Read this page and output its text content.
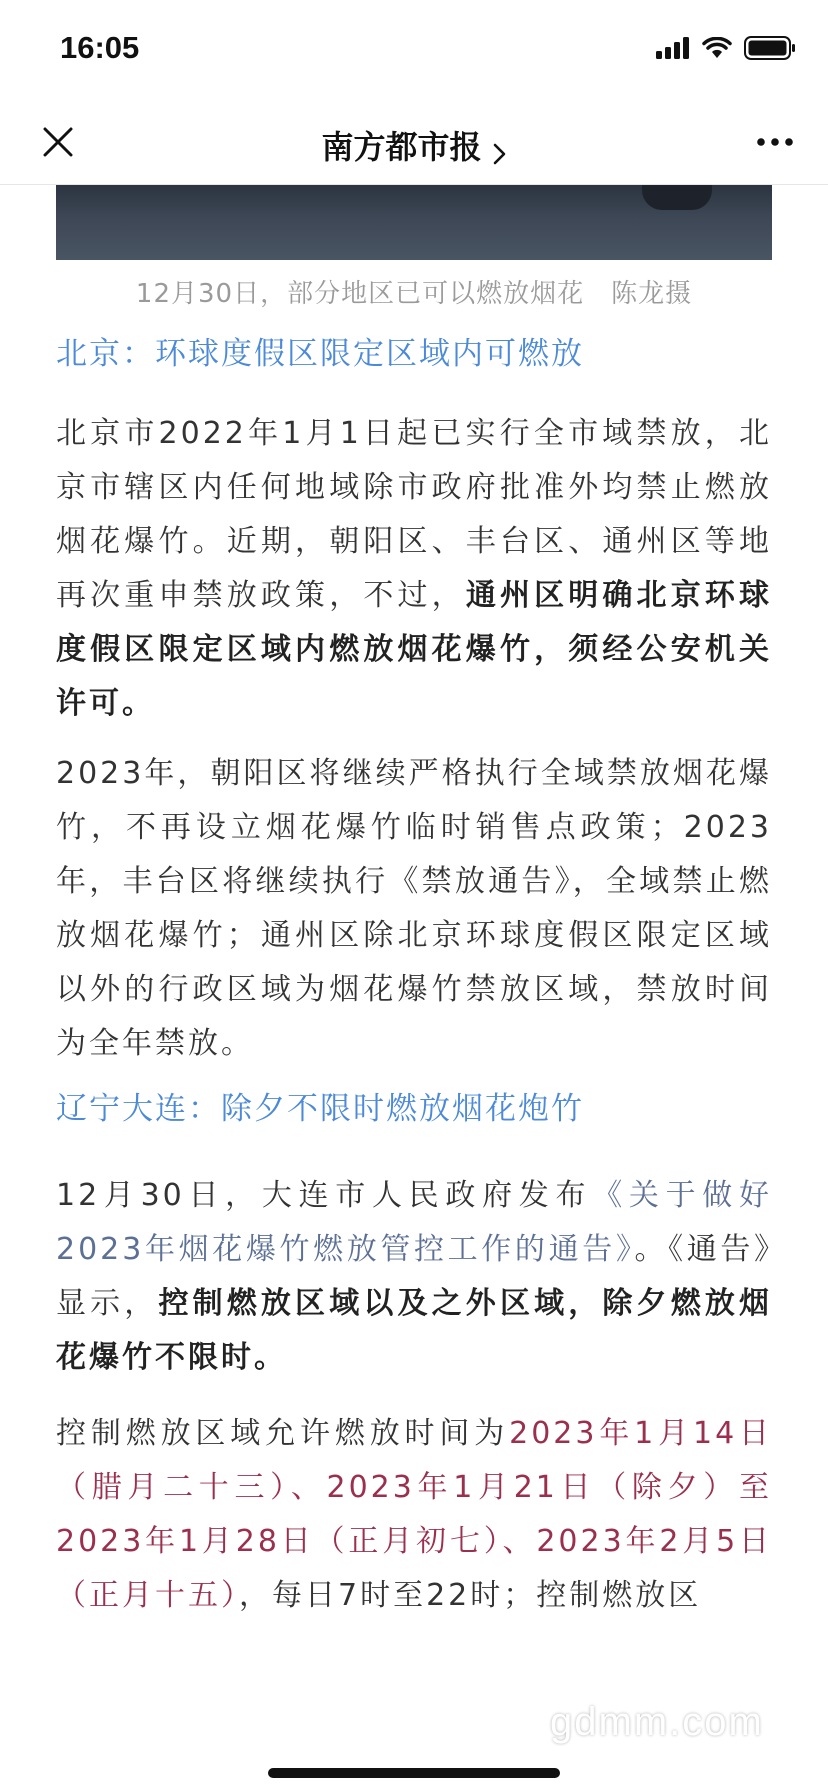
16:05
南方都市报
12月30日，部分地区已可以燃放烟花　陈龙摄
北京：环球度假区限定区域内可燃放

北京市2022年1月1日起已实行全市域禁放，北京市辖区内任何地域除市政府批准外均禁止燃放烟花爆竹。近期，朝阳区、丰台区、通州区等地再次重申禁放政策，不过，通州区明确北京环球度假区限定区域内燃放烟花爆竹，须经公安机关许可。

2023年，朝阳区将继续严格执行全域禁放烟花爆竹，不再设立烟花爆竹临时销售点政策；2023年，丰台区将继续执行《禁放通告》，全域禁止燃放烟花爆竹；通州区除北京环球度假区限定区域以外的行政区域为烟花爆竹禁放区域，禁放时间为全年禁放。

辽宁大连：除夕不限时燃放烟花炮竹

12月30日，大连市人民政府发布《关于做好2023年烟花爆竹燃放管控工作的通告》。《通告》显示，控制燃放区域以及之外区域，除夕燃放烟花爆竹不限时。

控制燃放区域允许燃放时间为2023年1月14日（腊月二十三）、2023年1月21日（除夕）至2023年1月28日（正月初七）、2023年2月5日（正月十五），每日7时至22时；控制燃放区

gdmm.com
